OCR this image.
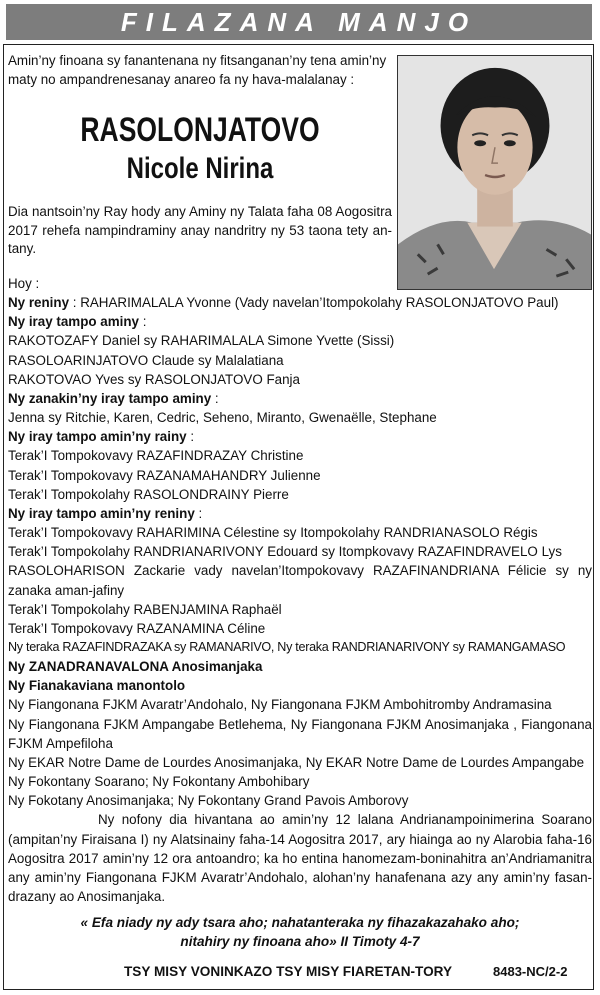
FILAZANA MANJO
Amin’ny finoana sy fanantenana ny fitsanganan’ny tena amin’ny maty no ampandrenesanay anareo fa ny hava-malalanay :
RASOLONJATOVO
Nicole Nirina
Dia nantsoin’ny Ray hody any Aminy ny Talata faha 08 Aogositra 2017 rehefa nampindraminy anay nandritry ny 53 taona tety an-tany.
Hoy :
Ny reniny : RAHARIMALALA Yvonne (Vady navelan’Itompokolahy RASOLONJATOVO Paul)
Ny iray tampo aminy :
RAKOTOZAFY Daniel sy RAHARIMALALA Simone Yvette (Sissi)
RASOLOARINJATOVO Claude sy Malalatiana
RAKOTOVAO Yves sy RASOLONJATOVO Fanja
Ny zanakin’ny iray tampo aminy :
Jenna sy Ritchie, Karen, Cedric, Seheno, Miranto, Gwenaëlle, Stephane
Ny iray tampo amin’ny rainy :
Terak’I Tompokovavy RAZAFINDRAZAY Christine
Terak’I Tompokovavy RAZANAMAHANDRY Julienne
Terak’I Tompokolahy RASOLONDRAINY Pierre
Ny iray tampo amin’ny reniny :
Terak’I Tompokovavy RAHARIMINA Célestine sy Itompokolahy RANDRIANASOLO Régis
Terak’I Tompokolahy RANDRIANARIVONY Edouard sy Itompkovavy RAZAFINDRAVELO Lys
RASOLOHARISON Zackarie vady navelan’Itompokovavy RAZAFINANDRIANA Félicie sy ny zanaka aman-jafiny
Terak’I Tompokolahy RABENJAMINA Raphaël
Terak’I Tompokovavy RAZANAMINA Céline
Ny teraka RAZAFINDRAZAKA sy RAMANARIVO, Ny teraka RANDRIANARIVONY sy RAMANGAMASO
Ny ZANADRANAVALONA Anosimanjaka
Ny Fianakaviana manontolo
Ny Fiangonana FJKM Avaratr’Andohalo, Ny Fiangonana FJKM Ambohitromby Andramasina
Ny Fiangonana FJKM Ampangabe Betlehema, Ny Fiangonana FJKM Anosimanjaka , Fiangonana FJKM Ampefiloha
Ny EKAR Notre Dame de Lourdes Anosimanjaka, Ny EKAR Notre Dame de Lourdes Ampangabe
Ny Fokontany Soarano; Ny Fokontany Ambohibary
Ny Fokotany Anosimanjaka; Ny Fokontany Grand Pavois Amborovy
Ny nofony dia hivantana ao amin’ny 12 lalana Andrianampoinimerina Soarano (ampitan’ny Firaisana I) ny Alatsinainy faha-14 Aogositra 2017, ary hiainga ao ny Alarobia faha-16 Aogositra 2017 amin’ny 12 ora antoandro; ka ho entina hanomezam-boninahitra an’Andriamanitra any amin’ny Fiangonana FJKM Avaratr’Andohalo, alohan’ny hanafenana azy any amin’ny fasan-drazany ao Anosimanjaka.
« Efa niady ny ady tsara aho; nahatanteraka ny fihazakazahako aho;
nitahiry ny finoana aho» II Timoty 4-7
TSY MISY VONINKAZO TSY MISY FIARETAN-TORY	8483-NC/2-2
